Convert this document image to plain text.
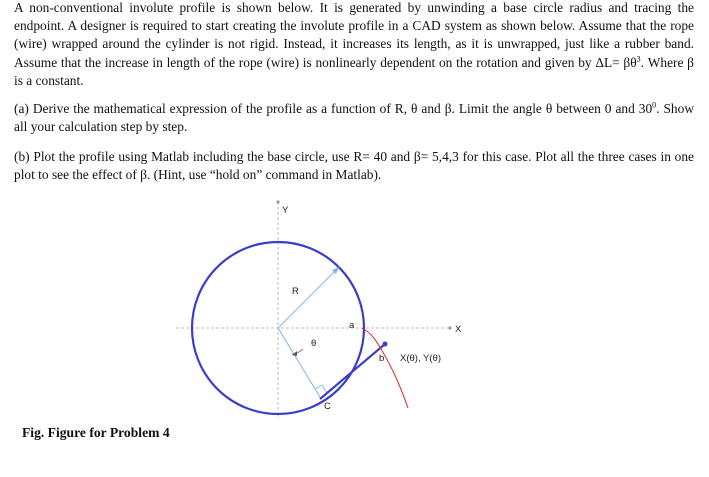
A non-conventional involute profile is shown below. It is generated by unwinding a base circle radius and tracing the endpoint. A designer is required to start creating the involute profile in a CAD system as shown below. Assume that the rope (wire) wrapped around the cylinder is not rigid. Instead, it increases its length, as it is unwrapped, just like a rubber band. Assume that the increase in length of the rope (wire) is nonlinearly dependent on the rotation and given by $\Delta L= \beta\theta^3$. Where β is a constant.

(a) Derive the mathematical expression of the profile as a function of R, θ and β. Limit the angle θ between 0 and $30^0$. Show all your calculation step by step.

(b) Plot the profile using Matlab including the base circle, use R= 40 and β= 5,4,3 for this case. Plot all the three cases in one plot to see the effect of β. (Hint, use “hold on” command in Matlab).

Y
X
R
θ
a
b
C
X(θ), Y(θ)
Fig. Figure for Problem 4
